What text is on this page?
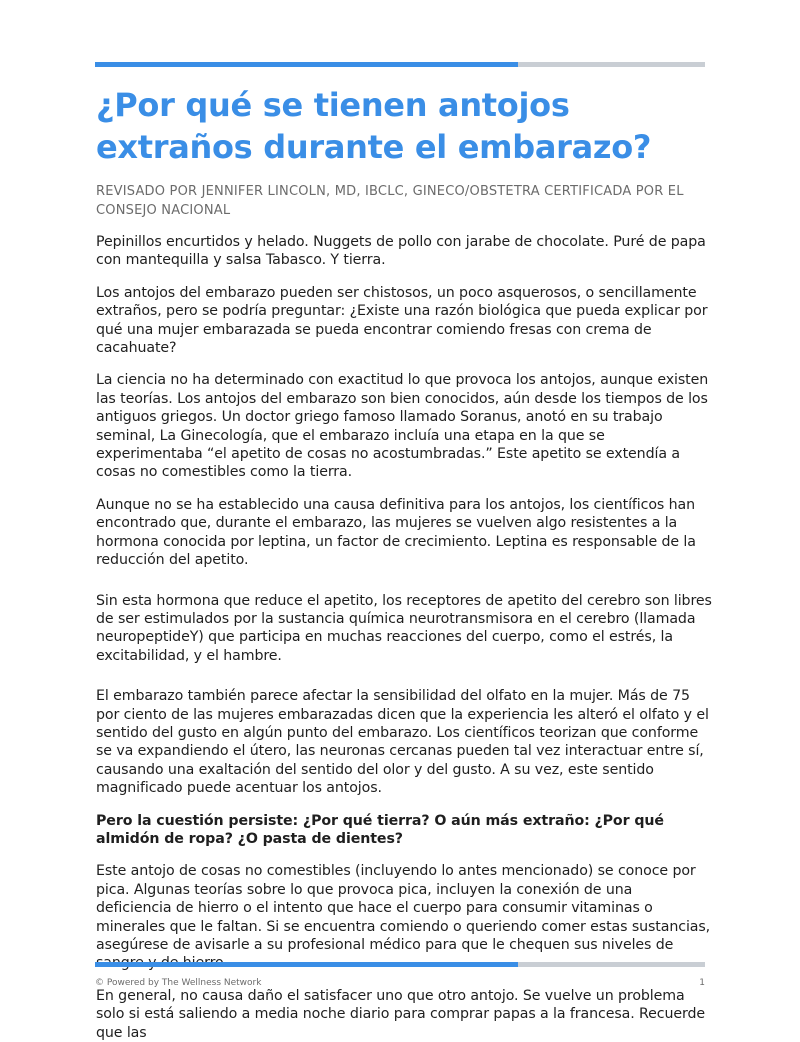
¿Por qué se tienen antojos extraños durante el embarazo?
REVISADO POR JENNIFER LINCOLN, MD, IBCLC, GINECO/OBSTETRA CERTIFICADA POR EL CONSEJO NACIONAL

Pepinillos encurtidos y helado. Nuggets de pollo con jarabe de chocolate. Puré de papa con mantequilla y salsa Tabasco. Y tierra.

Los antojos del embarazo pueden ser chistosos, un poco asquerosos, o sencillamente extraños, pero se podría preguntar: ¿Existe una razón biológica que pueda explicar por qué una mujer embarazada se pueda encontrar comiendo fresas con crema de cacahuate?

La ciencia no ha determinado con exactitud lo que provoca los antojos, aunque existen las teorías. Los antojos del embarazo son bien conocidos, aún desde los tiempos de los antiguos griegos. Un doctor griego famoso llamado Soranus, anotó en su trabajo seminal, La Ginecología, que el embarazo incluía una etapa en la que se experimentaba “el apetito de cosas no acostumbradas.” Este apetito se extendía a cosas no comestibles como la tierra.

Aunque no se ha establecido una causa definitiva para los antojos, los científicos han encontrado que, durante el embarazo, las mujeres se vuelven algo resistentes a la hormona conocida por leptina, un factor de crecimiento. Leptina es responsable de la reducción del apetito.

Sin esta hormona que reduce el apetito, los receptores de apetito del cerebro son libres de ser estimulados por la sustancia química neurotransmisora en el cerebro (llamada neuropeptideY) que participa en muchas reacciones del cuerpo, como el estrés, la excitabilidad, y el hambre.

El embarazo también parece afectar la sensibilidad del olfato en la mujer. Más de 75 por ciento de las mujeres embarazadas dicen que la experiencia les alteró el olfato y el sentido del gusto en algún punto del embarazo. Los científicos teorizan que conforme se va expandiendo el útero, las neuronas cercanas pueden tal vez interactuar entre sí, causando una exaltación del sentido del olor y del gusto. A su vez, este sentido magnificado puede acentuar los antojos.

Pero la cuestión persiste: ¿Por qué tierra? O aún más extraño: ¿Por qué almidón de ropa? ¿O pasta de dientes?

Este antojo de cosas no comestibles (incluyendo lo antes mencionado) se conoce por pica. Algunas teorías sobre lo que provoca pica, incluyen la conexión de una deficiencia de hierro o el intento que hace el cuerpo para consumir vitaminas o minerales que le faltan. Si se encuentra comiendo o queriendo comer estas sustancias, asegúrese de avisarle a su profesional médico para que le chequen sus niveles de

En general, no causa daño el satisfacer uno que otro antojo. Se vuelve un problema solo si está saliendo a media noche diario para comprar papas a la francesa. Recuerde que las

© Powered by The Wellness Network	1
